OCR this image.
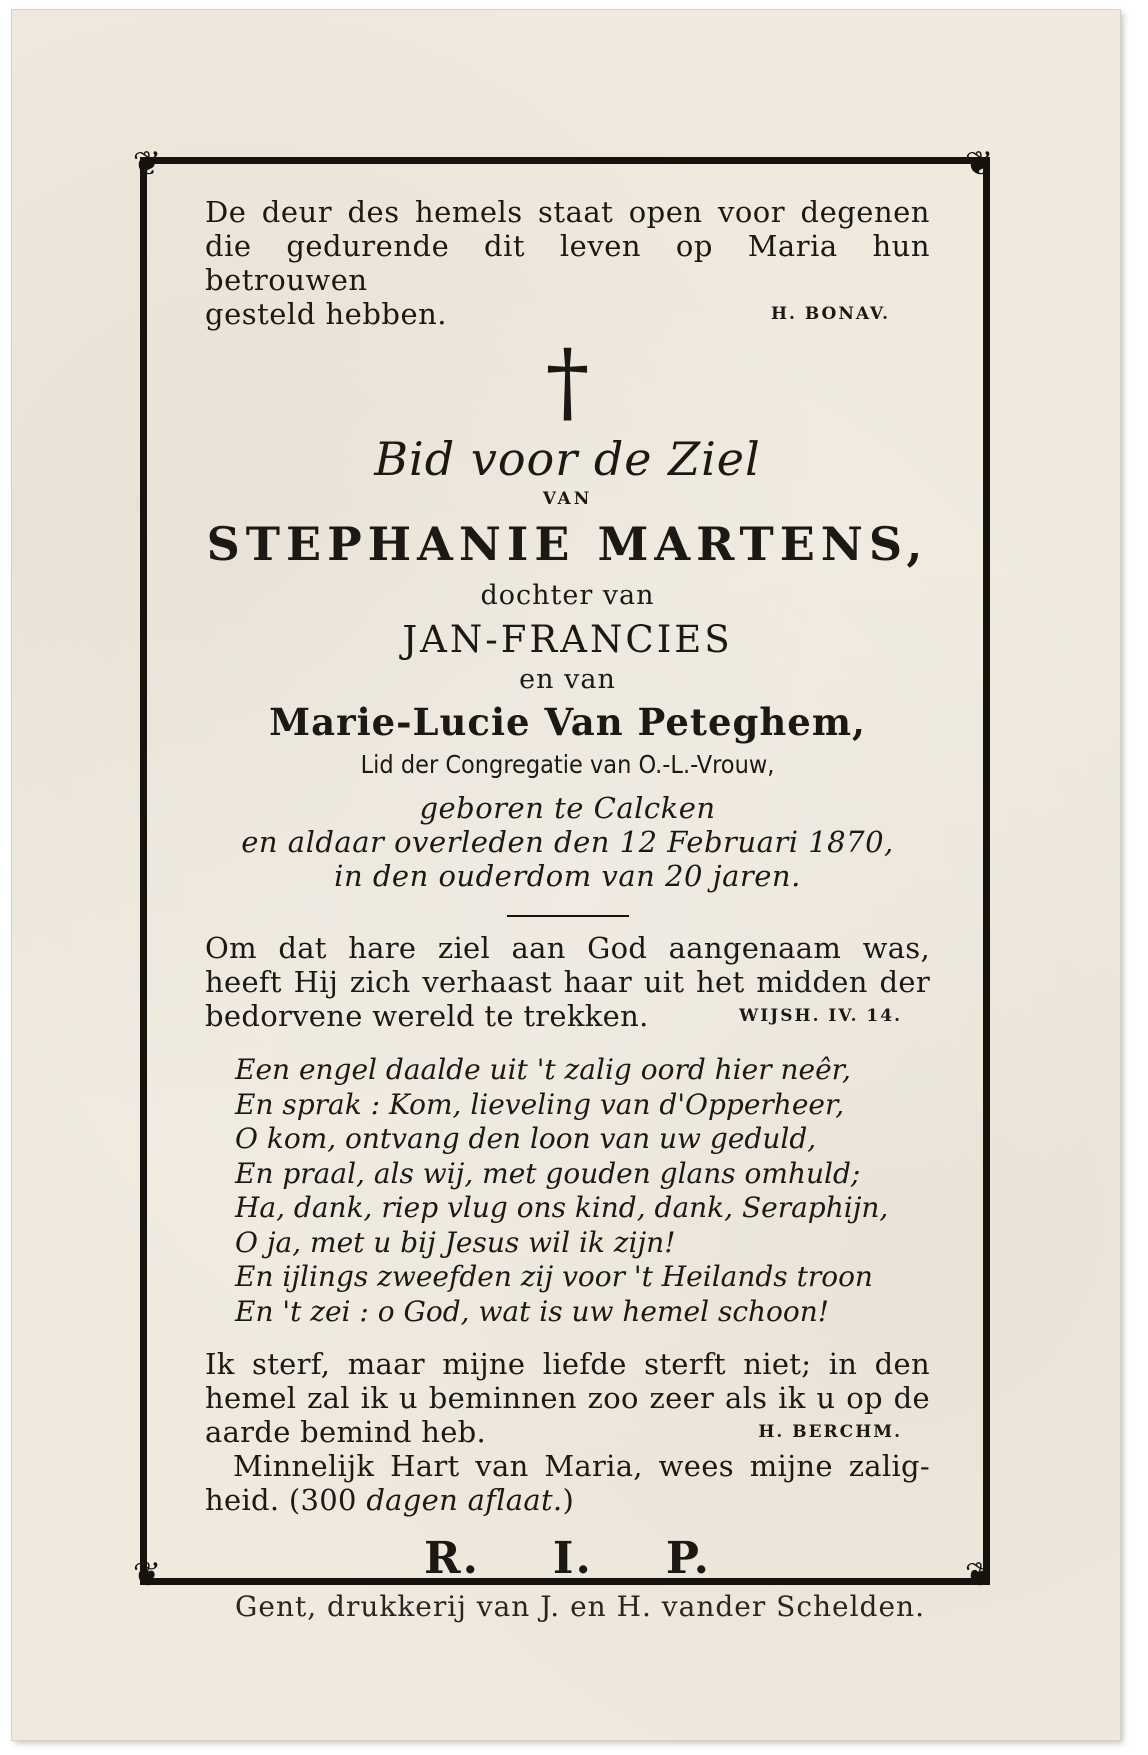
❦	❦
❦	❦
De deur des hemels staat open voor degenen
die gedurende dit leven op Maria hun betrouwen
gesteld hebben.	H. BONAV.
†
Bid voor de Ziel
VAN
STEPHANIE MARTENS,
dochter van
JAN-FRANCIES
en van
Marie-Lucie Van Peteghem,
Lid der Congregatie van O.-L.-Vrouw,
geboren te Calcken
en aldaar overleden den 12 Februari 1870,
in den ouderdom van 20 jaren.
Om dat hare ziel aan God aangenaam was,
heeft Hij zich verhaast haar uit het midden der
bedorvene wereld te trekken.	WIJSH. IV. 14.
Een engel daalde uit 't zalig oord hier neêr,
En sprak : Kom, lieveling van d'Opperheer,
O kom, ontvang den loon van uw geduld,
En praal, als wij, met gouden glans omhuld;
Ha, dank, riep vlug ons kind, dank, Seraphijn,
O ja, met u bij Jesus wil ik zijn!
En ijlings zweefden zij voor 't Heilands troon
En 't zei : o God, wat is uw hemel schoon!
Ik sterf, maar mijne liefde sterft niet; in den
hemel zal ik u beminnen zoo zeer als ik u op de
aarde bemind heb.	H. BERCHM.
Minnelijk Hart van Maria, wees mijne zalig-
heid. (300 dagen aflaat.)
R. I. P.
Gent, drukkerij van J. en H. vander Schelden.
